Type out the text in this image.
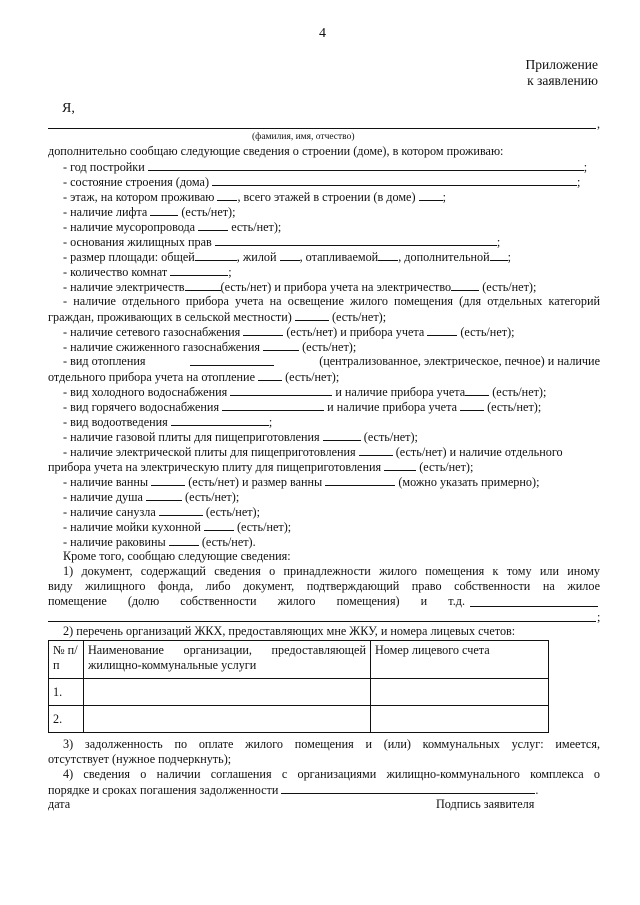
4
Приложение
к заявлению
Я,
,
(фамилия, имя, отчество)
дополнительно сообщаю следующие сведения о строении (доме), в котором проживаю:
- год постройки	;
- состояние строения (дома)	;
- этаж, на котором проживаю , всего этажей в строении (в доме) ;
- наличие лифта  (есть/нет);
- наличие мусоропровода  есть/нет);
- основания жилищных прав	;
- размер площади: общей	, жилой , отапливаемой , дополнительной ;
- количество комнат	;
- наличие электричеств	(есть/нет) и прибора учета на электричество (есть/нет);
- наличие отдельного прибора учета на освещение жилого помещения (для отдельных категорий
граждан, проживающих в сельской местности)	(есть/нет);
- наличие сетевого газоснабжения	(есть/нет) и прибора учета	(есть/нет);
- наличие сжиженного газоснабжения	(есть/нет);
- вид отопления	(централизованное, электрическое, печное) и наличие
отдельного прибора учета на отопление  (есть/нет);
- вид холодного водоснабжения	и наличие прибора учета (есть/нет);
- вид горячего водоснабжения	и наличие прибора учета  (есть/нет);
- вид водоотведения	;
- наличие газовой плиты для пищеприготовления	(есть/нет);
- наличие электрической плиты для пищеприготовления	(есть/нет) и наличие отдельного
прибора учета на электрическую плиту для пищеприготовления	(есть/нет);
- наличие ванны	(есть/нет) и размер ванны	(можно указать примерно);
- наличие душа	(есть/нет);
- наличие санузла	(есть/нет);
- наличие мойки кухонной	(есть/нет);
- наличие раковины	(есть/нет).
Кроме того, сообщаю следующие сведения:
1) документ, содержащий сведения о принадлежности жилого помещения к тому или иному
виду жилищного фонда, либо документ, подтверждающий право собственности на жилое
помещение (долю собственности жилого помещения) и т.д.
;
2) перечень организаций ЖКХ, предоставляющих мне ЖКУ, и номера лицевых счетов:
№ п/п	Наименование организации, предоставляющей жилищно-коммунальные услуги	Номер лицевого счета
1.		
2.		
3) задолженность по оплате жилого помещения и (или) коммунальных услуг: имеется,
отсутствует (нужное подчеркнуть);
4) сведения о наличии соглашения с организациями жилищно-коммунального комплекса о
порядке и сроках погашения задолженности	.
дата	Подпись заявителя
